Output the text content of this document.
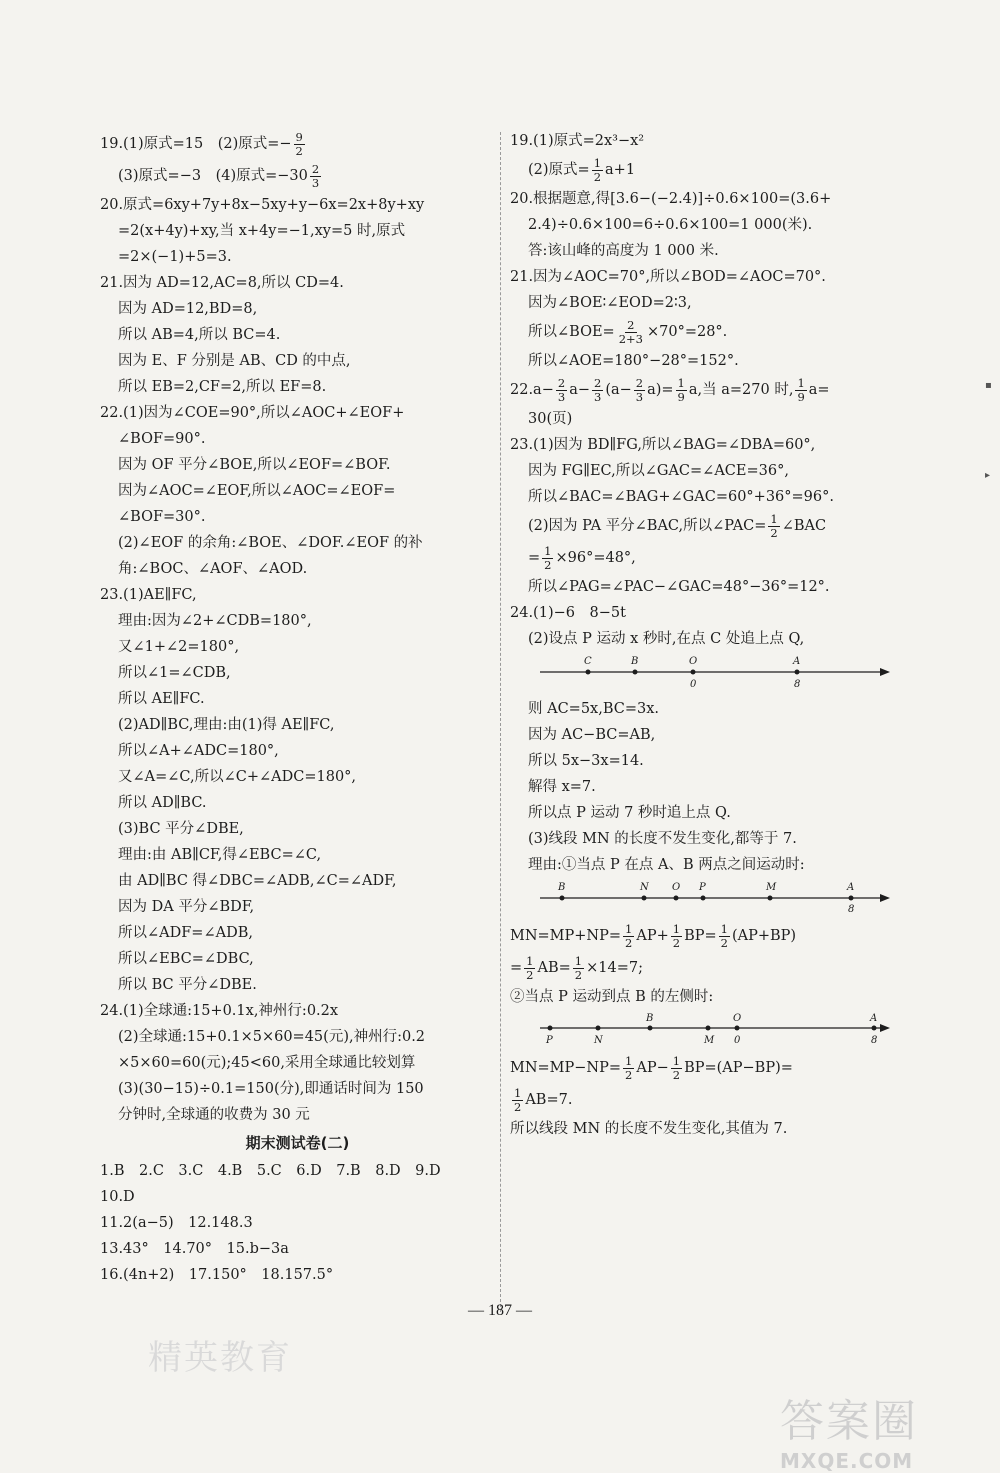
19.(1)原式=15　(2)原式=− $\frac{9}{2}$
(3)原式=−3　(4)原式$=-30 \frac{2}{3}$
20.原式=6xy+7y+8x−5xy+y−6x=2x+8y+xy
=2(x+4y)+xy,当 x+4y=−1,xy=5 时,原式
=2×(−1)+5=3.
21.因为 AD=12,AC=8,所以 CD=4.
因为 AD=12,BD=8,
所以 AB=4,所以 BC=4.
因为 E、F 分别是 AB、CD 的中点,
所以 EB=2,CF=2,所以 EF=8.
22.(1)因为∠COE=90°,所以∠AOC+∠EOF+
∠BOF=90°.
因为 OF 平分∠BOE,所以∠EOF=∠BOF.
因为∠AOC=∠EOF,所以∠AOC=∠EOF=
∠BOF=30°.
(2)∠EOF 的余角:∠BOE、∠DOF.∠EOF 的补
角:∠BOC、∠AOF、∠AOD.
23.(1)AE∥FC,
理由:因为∠2+∠CDB=180°,
又∠1+∠2=180°,
所以∠1=∠CDB,
所以 AE∥FC.
(2)AD∥BC,理由:由(1)得 AE∥FC,
所以∠A+∠ADC=180°,
又∠A=∠C,所以∠C+∠ADC=180°,
所以 AD∥BC.
(3)BC 平分∠DBE,
理由:由 AB∥CF,得∠EBC=∠C,
由 AD∥BC 得∠DBC=∠ADB,∠C=∠ADF,
因为 DA 平分∠BDF,
所以∠ADF=∠ADB,
所以∠EBC=∠DBC,
所以 BC 平分∠DBE.
24.(1)全球通:15+0.1x,神州行:0.2x
(2)全球通:15+0.1×5×60=45(元),神州行:0.2
×5×60=60(元);45<60,采用全球通比较划算
(3)(30−15)÷0.1=150(分),即通话时间为 150
分钟时,全球通的收费为 30 元
期末测试卷(二)
1.B　2.C　3.C　4.B　5.C　6.D　7.B　8.D　9.D
10.D
11.2(a−5)　12.148.3
13.43°　14.70°　15.b−3a
16.(4n+2)　17.150°　18.157.5°
19.(1)原式=2x³−x²
(2)原式= $\frac{1}{2} a+1$
20.根据题意,得[3.6−(−2.4)]÷0.6×100=(3.6+
2.4)÷0.6×100=6÷0.6×100=1 000(米).
答:该山峰的高度为 1 000 米.
21.因为∠AOC=70°,所以∠BOD=∠AOC=70°.
因为∠BOE∶∠EOD=2∶3,
所以∠BOE= $\frac{2}{2+3} \times 70^\circ=28^\circ$.
所以∠AOE=180°−28°=152°.
$22.a- \frac{2}{3} a- \frac{2}{3} (a- \frac{2}{3} a)= \frac{1}{9} a$,当 a=270 时, $\frac{1}{9} a=$
30(页)
23.(1)因为 BD∥FG,所以∠BAG=∠DBA=60°,
因为 FG∥EC,所以∠GAC=∠ACE=36°,
所以∠BAC=∠BAG+∠GAC=60°+36°=96°.
(2)因为 PA 平分∠BAC,所以∠PAC= $\frac{1}{2}$ ∠BAC
= $\frac{1}{2} \times 96^\circ=48^\circ$,
所以∠PAG=∠PAC−∠GAC=48°−36°=12°.
24.(1)−6　8−5t
(2)设点 P 运动 x 秒时,在点 C 处追上点 Q,
C	B	O	A
0	8
则 AC=5x,BC=3x.
因为 AC−BC=AB,
所以 5x−3x=14.
解得 x=7.
所以点 P 运动 7 秒时追上点 Q.
(3)线段 MN 的长度不发生变化,都等于 7.
理由:①当点 P 在点 A、B 两点之间运动时:
B	N O P	M	A
8
$MN=MP+NP= \frac{1}{2} AP+ \frac{1}{2} BP= \frac{1}{2} (AP+BP)$
= $\frac{1}{2} AB= \frac{1}{2} \times 14=7$;
②当点 P 运动到点 B 的左侧时:
P	N
B
M
O
0
A
8
$MN=MP-NP= \frac{1}{2} AP- \frac{1}{2} BP=(AP-BP)=$
$\frac{1}{2} AB=7$.
所以线段 MN 的长度不发生变化,其值为 7.
— 187 —
精英教育
答案圈
MXQE.COM
▪
▸
